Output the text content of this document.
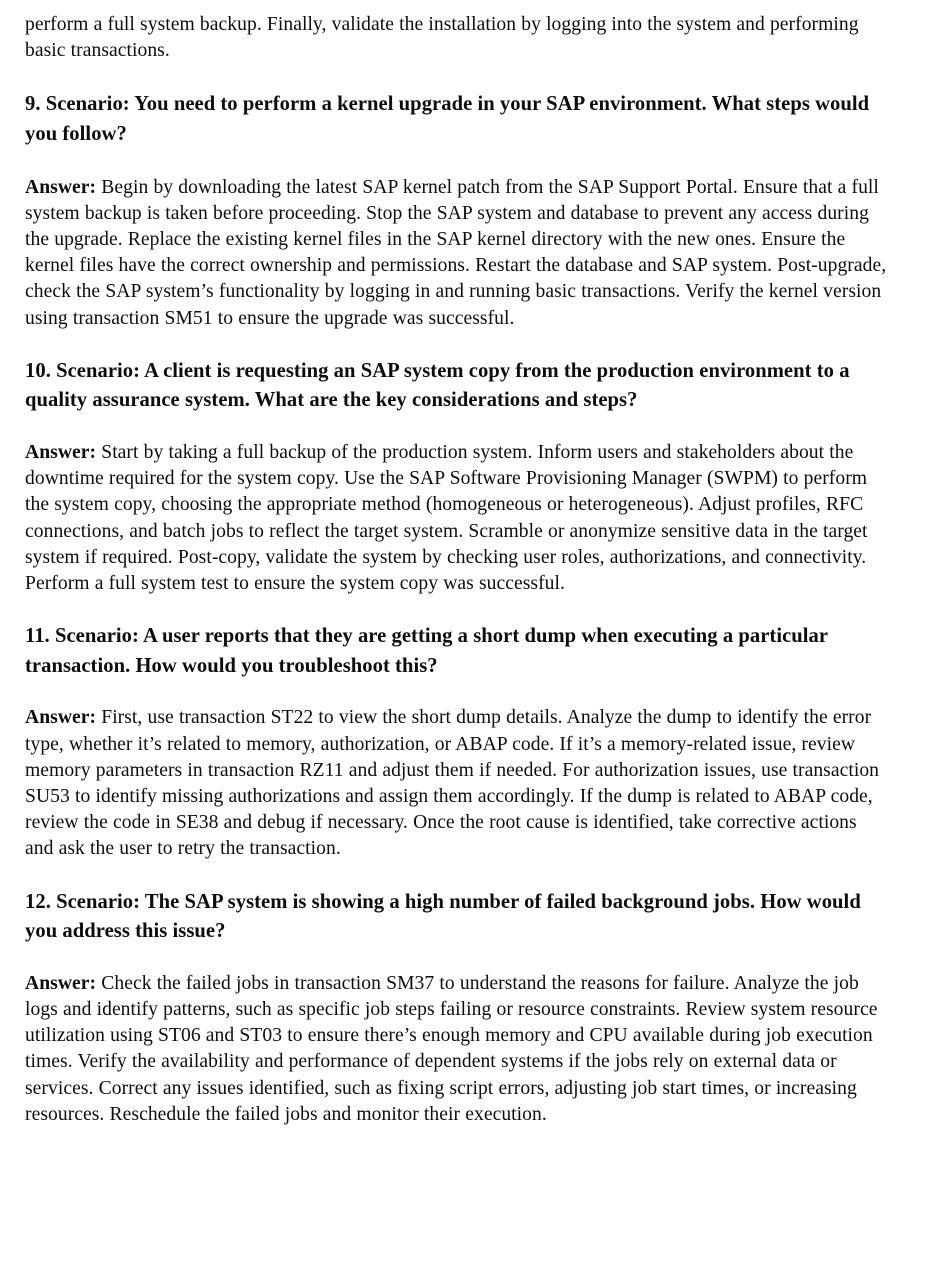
perform a full system backup. Finally, validate the installation by logging into the system and performing basic transactions.

9. Scenario: You need to perform a kernel upgrade in your SAP environment. What steps would you follow?

Answer: Begin by downloading the latest SAP kernel patch from the SAP Support Portal. Ensure that a full system backup is taken before proceeding. Stop the SAP system and database to prevent any access during the upgrade. Replace the existing kernel files in the SAP kernel directory with the new ones. Ensure the kernel files have the correct ownership and permissions. Restart the database and SAP system. Post-upgrade, check the SAP system’s functionality by logging in and running basic transactions. Verify the kernel version using transaction SM51 to ensure the upgrade was successful.

10. Scenario: A client is requesting an SAP system copy from the production environment to a quality assurance system. What are the key considerations and steps?

Answer: Start by taking a full backup of the production system. Inform users and stakeholders about the downtime required for the system copy. Use the SAP Software Provisioning Manager (SWPM) to perform the system copy, choosing the appropriate method (homogeneous or heterogeneous). Adjust profiles, RFC connections, and batch jobs to reflect the target system. Scramble or anonymize sensitive data in the target system if required. Post-copy, validate the system by checking user roles, authorizations, and connectivity. Perform a full system test to ensure the system copy was successful.

11. Scenario: A user reports that they are getting a short dump when executing a particular transaction. How would you troubleshoot this?

Answer: First, use transaction ST22 to view the short dump details. Analyze the dump to identify the error type, whether it’s related to memory, authorization, or ABAP code. If it’s a memory-related issue, review memory parameters in transaction RZ11 and adjust them if needed. For authorization issues, use transaction SU53 to identify missing authorizations and assign them accordingly. If the dump is related to ABAP code, review the code in SE38 and debug if necessary. Once the root cause is identified, take corrective actions and ask the user to retry the transaction.

12. Scenario: The SAP system is showing a high number of failed background jobs. How would you address this issue?

Answer: Check the failed jobs in transaction SM37 to understand the reasons for failure. Analyze the job logs and identify patterns, such as specific job steps failing or resource constraints. Review system resource utilization using ST06 and ST03 to ensure there’s enough memory and CPU available during job execution times. Verify the availability and performance of dependent systems if the jobs rely on external data or services. Correct any issues identified, such as fixing script errors, adjusting job start times, or increasing resources. Reschedule the failed jobs and monitor their execution.
